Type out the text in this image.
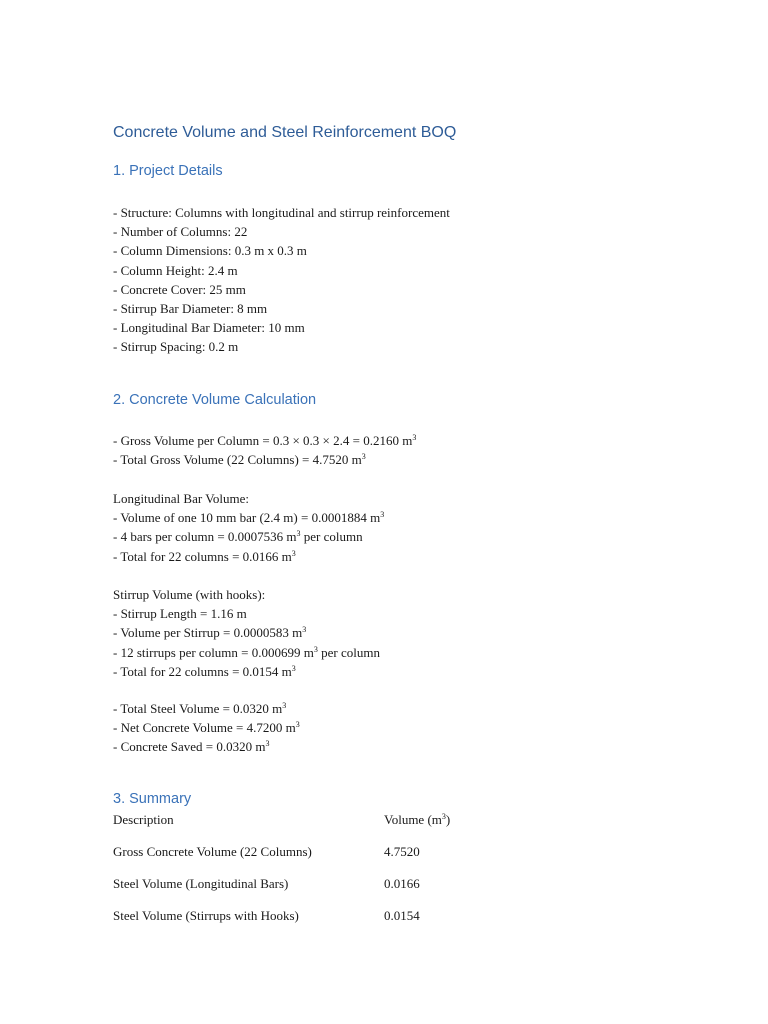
Concrete Volume and Steel Reinforcement BOQ
1. Project Details
- Structure: Columns with longitudinal and stirrup reinforcement
- Number of Columns: 22
- Column Dimensions: 0.3 m x 0.3 m
- Column Height: 2.4 m
- Concrete Cover: 25 mm
- Stirrup Bar Diameter: 8 mm
- Longitudinal Bar Diameter: 10 mm
- Stirrup Spacing: 0.2 m
2. Concrete Volume Calculation
- Gross Volume per Column = 0.3 × 0.3 × 2.4 = 0.2160 $m^3$
- Total Gross Volume (22 Columns) = 4.7520 $m^3$
Longitudinal Bar Volume:
- Volume of one 10 mm bar (2.4 m) = 0.0001884 $m^3$
- 4 bars per column = 0.0007536 $m^3$ per column
- Total for 22 columns = 0.0166 $m^3$
Stirrup Volume (with hooks):
- Stirrup Length = 1.16 m
- Volume per Stirrup = 0.0000583 $m^3$
- 12 stirrups per column = 0.000699 $m^3$ per column
- Total for 22 columns = 0.0154 $m^3$
- Total Steel Volume = 0.0320 $m^3$
- Net Concrete Volume = 4.7200 $m^3$
- Concrete Saved = 0.0320 $m^3$
3. Summary
Description	Volume $(m^3)$
Gross Concrete Volume (22 Columns)	4.7520
Steel Volume (Longitudinal Bars)	0.0166
Steel Volume (Stirrups with Hooks)	0.0154
